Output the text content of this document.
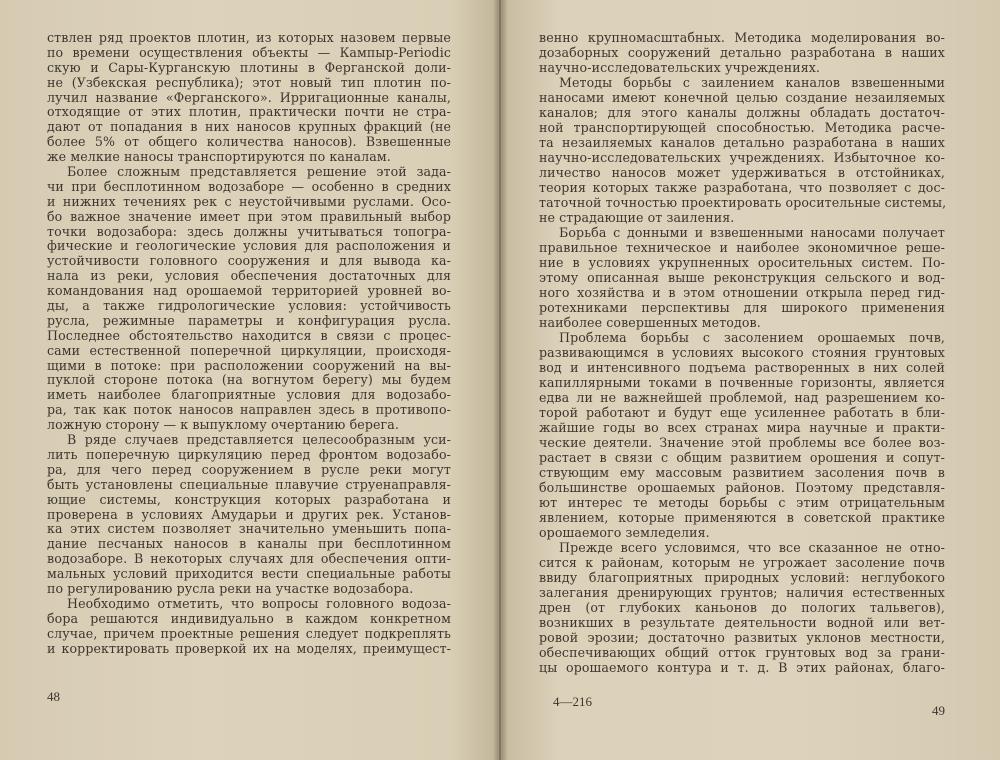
ствлен ряд проектов плотин, из которых назовем первые
по времени осуществления объекты — Кампыр-Periodic
скую и Сары-Курганскую плотины в Ферганской доли-
не (Узбекская республика); этот новый тип плотин по-
лучил название «Ферганского». Ирригационные каналы,
отходящие от этих плотин, практически почти не стра-
дают от попадания в них наносов крупных фракций (не
более 5% от общего количества наносов). Взвешенные
же мелкие наносы транспортируются по каналам.
Более сложным представляется решение этой зада-
чи при бесплотинном водозаборе — особенно в средних
и нижних течениях рек с неустойчивыми руслами. Осо-
бо важное значение имеет при этом правильный выбор
точки водозабора: здесь должны учитываться топогра-
фические и геологические условия для расположения и
устойчивости головного сооружения и для вывода ка-
нала из реки, условия обеспечения достаточных для
командования над орошаемой территорией уровней во-
ды, а также гидрологические условия: устойчивость
русла, режимные параметры и конфигурация русла.
Последнее обстоятельство находится в связи с процес-
сами естественной поперечной циркуляции, происходя-
щими в потоке: при расположении сооружений на вы-
пуклой стороне потока (на вогнутом берегу) мы будем
иметь наиболее благоприятные условия для водозабо-
ра, так как поток наносов направлен здесь в противопо-
ложную сторону — к выпуклому очертанию берега.
В ряде случаев представляется целесообразным уси-
лить поперечную циркуляцию перед фронтом водозабо-
ра, для чего перед сооружением в русле реки могут
быть установлены специальные плавучие струенаправля-
ющие системы, конструкция которых разработана и
проверена в условиях Амударьи и других рек. Установ-
ка этих систем позволяет значительно уменьшить попа-
дание песчаных наносов в каналы при бесплотинном
водозаборе. В некоторых случаях для обеспечения опти-
мальных условий приходится вести специальные работы
по регулированию русла реки на участке водозабора.
Необходимо отметить, что вопросы головного водоза-
бора решаются индивидуально в каждом конкретном
случае, причем проектные решения следует подкреплять
и корректировать проверкой их на моделях, преимущест-
венно крупномасштабных. Методика моделирования во-
дозаборных сооружений детально разработана в наших
научно-исследовательских учреждениях.
Методы борьбы с заилением каналов взвешенными
наносами имеют конечной целью создание незаиляемых
каналов; для этого каналы должны обладать достаточ-
ной транспортирующей способностью. Методика расче-
та незаиляемых каналов детально разработана в наших
научно-исследовательских учреждениях. Избыточное ко-
личество наносов может удерживаться в отстойниках,
теория которых также разработана, что позволяет с дос-
таточной точностью проектировать оросительные системы,
не страдающие от заиления.
Борьба с донными и взвешенными наносами получает
правильное техническое и наиболее экономичное реше-
ние в условиях укрупненных оросительных систем. По-
этому описанная выше реконструкция сельского и вод-
ного хозяйства и в этом отношении открыла перед гид-
ротехниками перспективы для широкого применения
наиболее совершенных методов.
Проблема борьбы с засолением орошаемых почв,
развивающимся в условиях высокого стояния грунтовых
вод и интенсивного подъема растворенных в них солей
капиллярными токами в почвенные горизонты, является
едва ли не важнейшей проблемой, над разрешением ко-
торой работают и будут еще усиленнее работать в бли-
жайшие годы во всех странах мира научные и практи-
ческие деятели. Значение этой проблемы все более воз-
растает в связи с общим развитием орошения и сопут-
ствующим ему массовым развитием засоления почв в
большинстве орошаемых районов. Поэтому представля-
ют интерес те методы борьбы с этим отрицательным
явлением, которые применяются в советской практике
орошаемого земледелия.
Прежде всего условимся, что все сказанное не отно-
сится к районам, которым не угрожает засоление почв
ввиду благоприятных природных условий: неглубокого
залегания дренирующих грунтов; наличия естественных
дрен (от глубоких каньонов до пологих тальвегов),
возникших в результате деятельности водной или вет-
ровой эрозии; достаточно развитых уклонов местности,
обеспечивающих общий отток грунтовых вод за грани-
цы орошаемого контура и т. д. В этих районах, благо-
48	4—216
49
